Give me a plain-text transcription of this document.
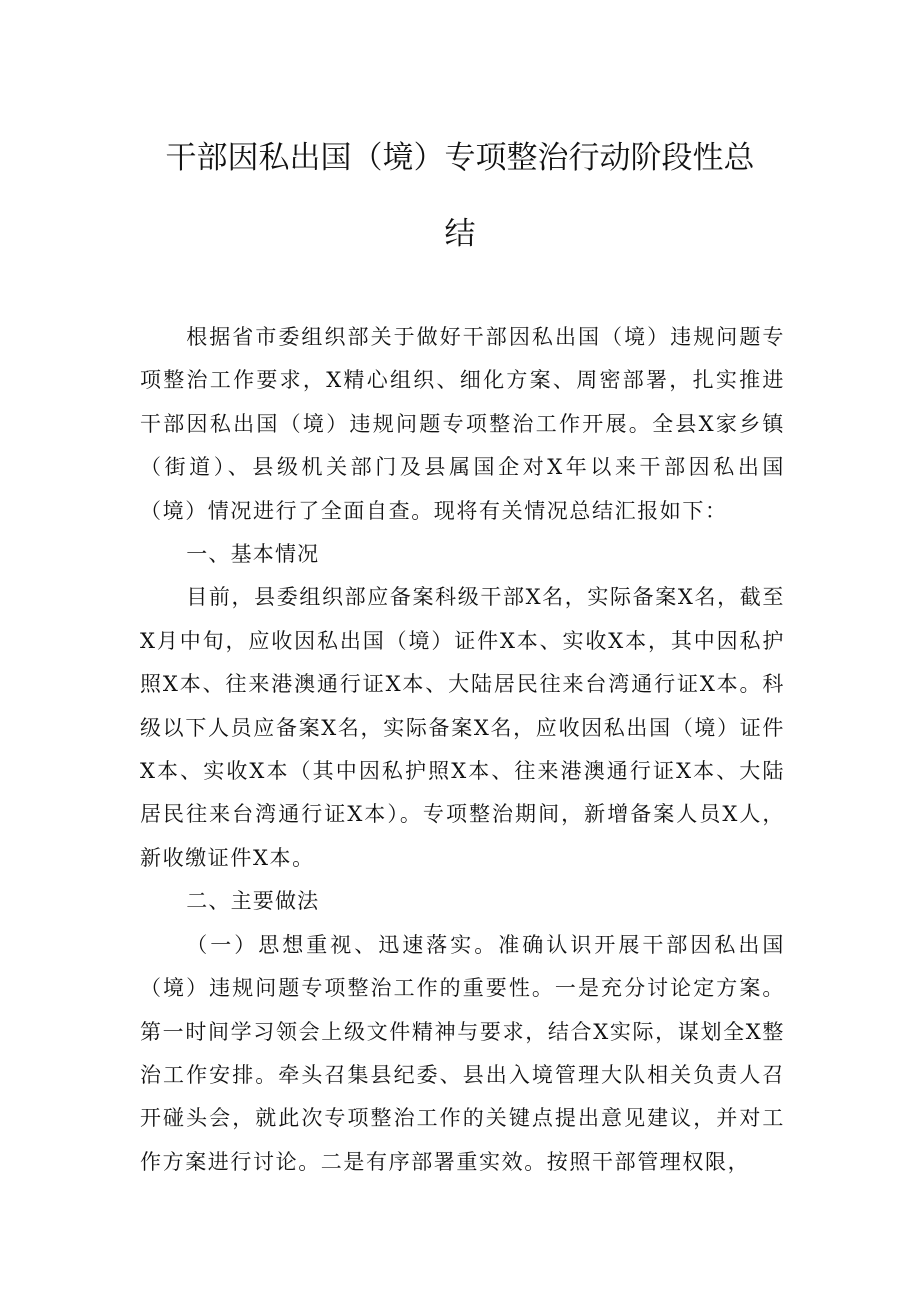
干部因私出国（境）专项整治行动阶段性总
结

根据省市委组织部关于做好干部因私出国（境）违规问题专项整治工作要求，X精心组织、细化方案、周密部署，扎实推进干部因私出国（境）违规问题专项整治工作开展。全县X家乡镇（街道）、县级机关部门及县属国企对X年以来干部因私出国（境）情况进行了全面自查。现将有关情况总结汇报如下：

一、基本情况

目前，县委组织部应备案科级干部X名，实际备案X名，截至X月中旬，应收因私出国（境）证件X本、实收X本，其中因私护照X本、往来港澳通行证X本、大陆居民往来台湾通行证X本。科级以下人员应备案X名，实际备案X名，应收因私出国（境）证件X本、实收X本（其中因私护照X本、往来港澳通行证X本、大陆居民往来台湾通行证X本）。专项整治期间，新增备案人员X人，新收缴证件X本。

二、主要做法

（一）思想重视、迅速落实。准确认识开展干部因私出国（境）违规问题专项整治工作的重要性。一是充分讨论定方案。第一时间学习领会上级文件精神与要求，结合X实际，谋划全X整治工作安排。牵头召集县纪委、县出入境管理大队相关负责人召开碰头会，就此次专项整治工作的关键点提出意见建议，并对工作方案进行讨论。二是有序部署重实效。按照干部管理权限，
